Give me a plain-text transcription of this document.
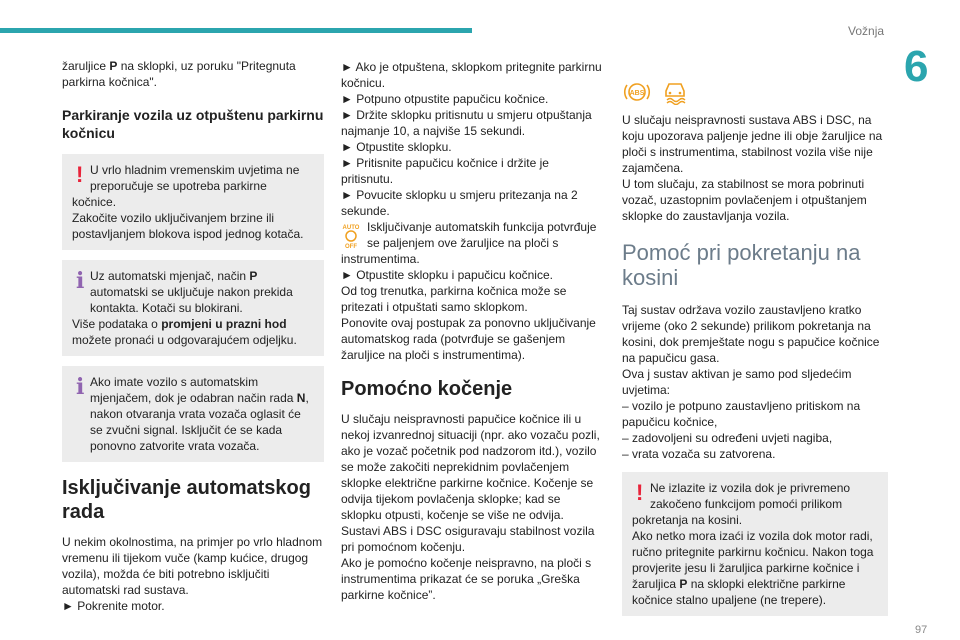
Vožnja
6
97

žaruljice P na sklopki, uz poruku "Pritegnuta parkirna kočnica".

Parkiranje vozila uz otpuštenu parkirnu kočnicu
! U vrlo hladnim vremenskim uvjetima ne preporučuje se upotreba parkirne

kočnice.

Zakočite vozilo uključivanjem brzine ili postavljanjem blokova ispod jednog kotača.

i Uz automatski mjenjač, način P automatski se uključuje nakon prekida kontakta. Kotači su blokirani.

Više podataka o promjeni u prazni hod možete pronaći u odgovarajućem odjeljku.

i Ako imate vozilo s automatskim mjenjačem, dok je odabran način rada N, nakon otvaranja vrata vozača oglasit će se zvučni signal. Isključit će se kada ponovno zatvorite vrata vozača.

Isključivanje automatskog rada

U nekim okolnostima, na primjer po vrlo hladnom vremenu ili tijekom vuče (kamp kućice, drugog vozila), možda će biti potrebno isključiti automatski rad sustava.

► Pokrenite motor.

► Ako je otpuštena, sklopkom pritegnite parkirnu kočnicu.

► Potpuno otpustite papučicu kočnice.

► Držite sklopku pritisnutu u smjeru otpuštanja najmanje 10, a najviše 15 sekundi.

► Otpustite sklopku.

► Pritisnite papučicu kočnice i držite je pritisnutu.

► Povucite sklopku u smjeru pritezanja na 2 sekunde.

AUTO
OFF

Isključivanje automatskih funkcija potvrđuje se paljenjem ove žaruljice na ploči s instrumentima.

► Otpustite sklopku i papučicu kočnice.

Od tog trenutka, parkirna kočnica može se pritezati i otpuštati samo sklopkom.

Ponovite ovaj postupak za ponovno uključivanje automatskog rada (potvrđuje se gašenjem žaruljice na ploči s instrumentima).

Pomoćno kočenje

U slučaju neispravnosti papučice kočnice ili u nekoj izvanrednoj situaciji (npr. ako vozaču pozli, ako je vozač početnik pod nadzorom itd.), vozilo se može zakočiti neprekidnim povlačenjem sklopke električne parkirne kočnice. Kočenje se odvija tijekom povlačenja sklopke; kad se sklopku otpusti, kočenje se više ne odvija.

Sustavi ABS i DSC osiguravaju stabilnost vozila pri pomoćnom kočenju.

Ako je pomoćno kočenje neispravno, na ploči s instrumentima prikazat će se poruka „Greška parkirne kočnice”.

ABS

U slučaju neispravnosti sustava ABS i DSC, na koju upozorava paljenje jedne ili obje žaruljice na ploči s instrumentima, stabilnost vozila više nije zajamčena.

U tom slučaju, za stabilnost se mora pobrinuti vozač, uzastopnim povlačenjem i otpuštanjem sklopke do zaustavljanja vozila.

Pomoć pri pokretanju na kosini

Taj sustav održava vozilo zaustavljeno kratko vrijeme (oko 2 sekunde) prilikom pokretanja na kosini, dok premještate nogu s papučice kočnice na papučicu gasa.

Ova j sustav aktivan je samo pod sljedećim uvjetima:

– vozilo je potpuno zaustavljeno pritiskom na papučicu kočnice,

– zadovoljeni su određeni uvjeti nagiba,

– vrata vozača su zatvorena.

! Ne izlazite iz vozila dok je privremeno zakočeno funkcijom pomoći prilikom

pokretanja na kosini.

Ako netko mora izaći iz vozila dok motor radi, ručno pritegnite parkirnu kočnicu. Nakon toga provjerite jesu li žaruljica parkirne kočnice i žaruljica P na sklopki električne parkirne kočnice stalno upaljene (ne trepere).
